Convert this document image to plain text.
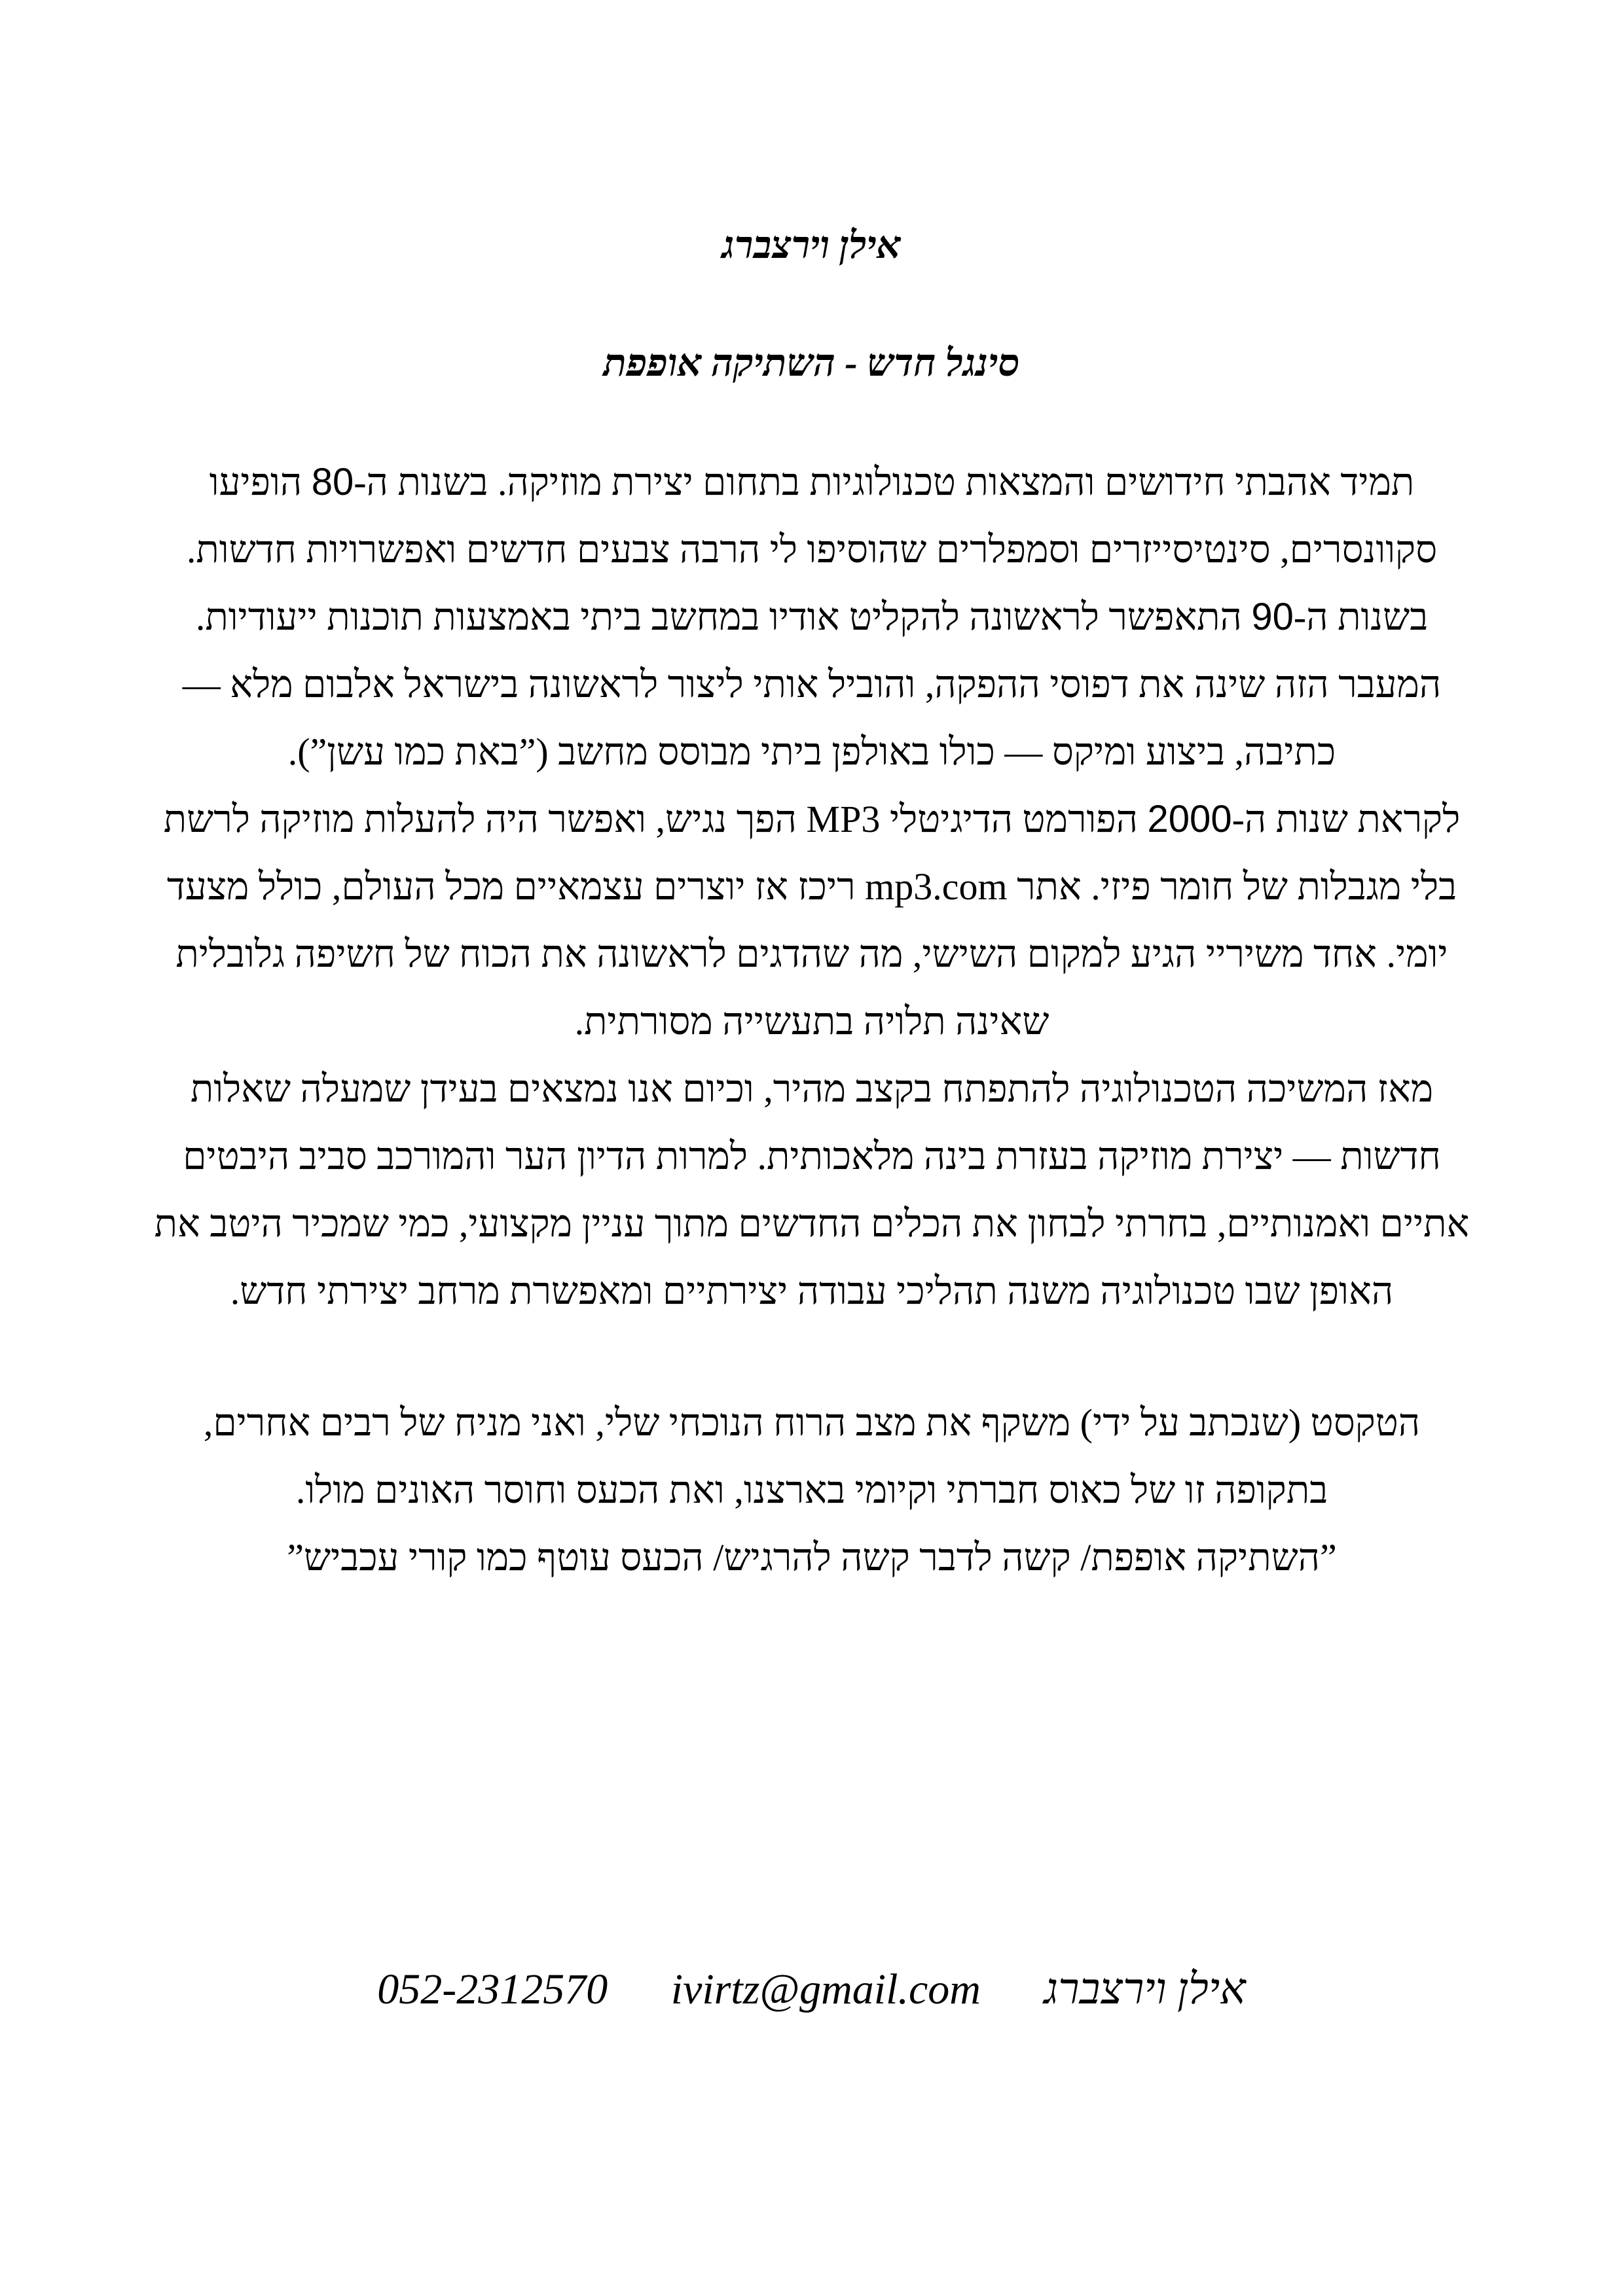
אילן וירצברג
סינגל חדש - השתיקה אופפת

תמיד אהבתי חידושים והמצאות טכנולוגיות בתחום יצירת מוזיקה. בשנות ה-80 הופיעו סקוונסרים, סינטיסייזרים וסמפלרים שהוסיפו לי הרבה צבעים חדשים ואפשרויות חדשות.

בשנות ה-90 התאפשר לראשונה להקליט אודיו במחשב ביתי באמצעות תוכנות ייעודיות. המעבר הזה שינה את דפוסי ההפקה, והוביל אותי ליצור לראשונה בישראל אלבום מלא — כתיבה, ביצוע ומיקס — כולו באולפן ביתי מבוסס מחשב (”באת כמו עשן”).

לקראת שנות ה-2000 הפורמט הדיגיטלי MP3 הפך נגיש, ואפשר היה להעלות מוזיקה לרשת בלי מגבלות של חומר פיזי. אתר mp3.com ריכז אז יוצרים עצמאיים מכל העולם, כולל מצעד יומי. אחד משיריי הגיע למקום השישי, מה שהדגים לראשונה את הכוח של חשיפה גלובלית שאינה תלויה בתעשייה מסורתית.

מאז המשיכה הטכנולוגיה להתפתח בקצב מהיר, וכיום אנו נמצאים בעידן שמעלה שאלות חדשות — יצירת מוזיקה בעזרת בינה מלאכותית. למרות הדיון הער והמורכב סביב היבטים אתיים ואמנותיים, בחרתי לבחון את הכלים החדשים מתוך עניין מקצועי, כמי שמכיר היטב את האופן שבו טכנולוגיה משנה תהליכי עבודה יצירתיים ומאפשרת מרחב יצירתי חדש.

הטקסט (שנכתב על ידי) משקף את מצב הרוח הנוכחי שלי, ואני מניח של רבים אחרים, בתקופה זו של כאוס חברתי וקיומי בארצנו, ואת הכעס וחוסר האונים מולו.

”השתיקה אופפת/ קשה לדבר קשה להרגיש/ הכעס עוטף כמו קורי עכביש”

052-2312570 ivirtz@gmail.com אילן וירצברג
